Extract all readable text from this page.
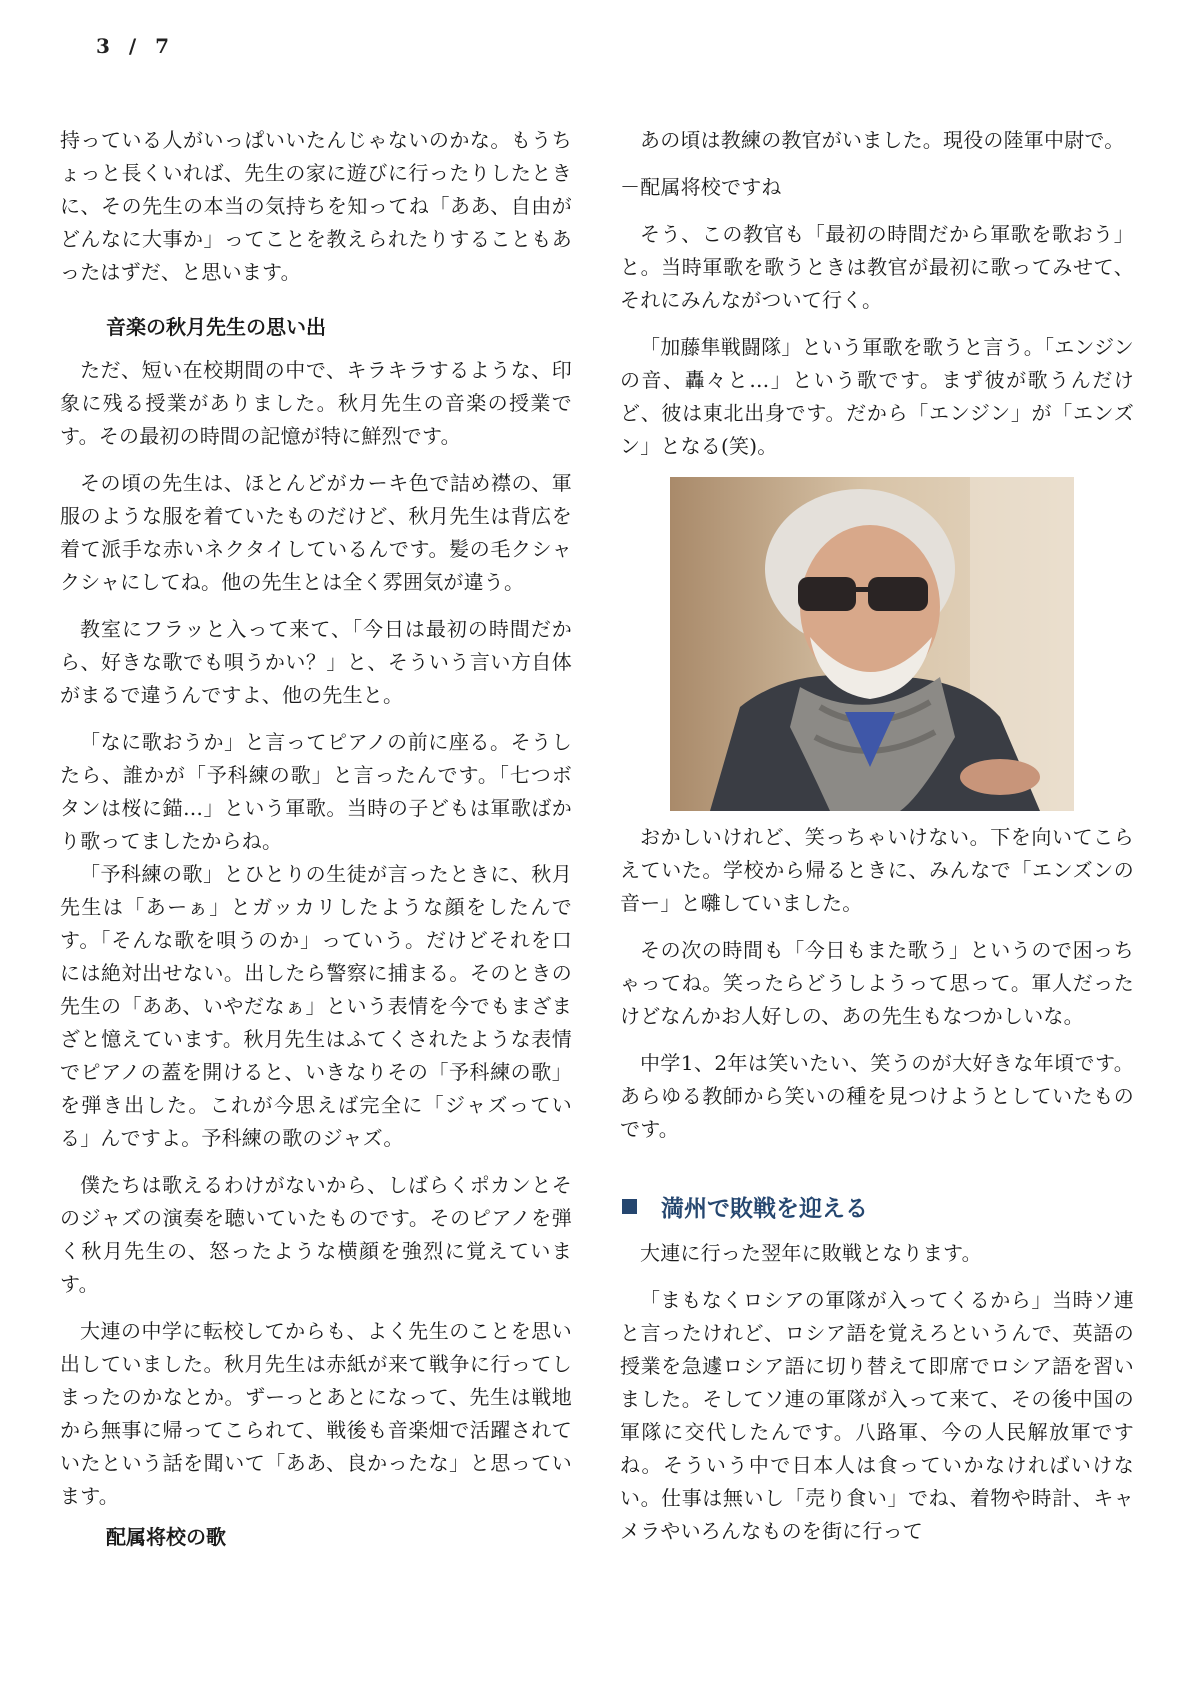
3 / 7

持っている人がいっぱいいたんじゃないのかな。もうちょっと長くいれば、先生の家に遊びに行ったりしたときに、その先生の本当の気持ちを知ってね「ああ、自由がどんなに大事か」ってことを教えられたりすることもあったはずだ、と思います。

音楽の秋月先生の思い出

ただ、短い在校期間の中で、キラキラするような、印象に残る授業がありました。秋月先生の音楽の授業です。その最初の時間の記憶が特に鮮烈です。

その頃の先生は、ほとんどがカーキ色で詰め襟の、軍服のような服を着ていたものだけど、秋月先生は背広を着て派手な赤いネクタイしているんです。髪の毛クシャクシャにしてね。他の先生とは全く雰囲気が違う。

教室にフラッと入って来て、「今日は最初の時間だから、好きな歌でも唄うかい？」と、そういう言い方自体がまるで違うんですよ、他の先生と。

「なに歌おうか」と言ってピアノの前に座る。そうしたら、誰かが「予科練の歌」と言ったんです。「七つボタンは桜に錨…」という軍歌。当時の子どもは軍歌ばかり歌ってましたからね。

「予科練の歌」とひとりの生徒が言ったときに、秋月先生は「あーぁ」とガッカリしたような顔をしたんです。「そんな歌を唄うのか」っていう。だけどそれを口には絶対出せない。出したら警察に捕まる。そのときの先生の「ああ、いやだなぁ」という表情を今でもまざまざと憶えています。秋月先生はふてくされたような表情でピアノの蓋を開けると、いきなりその「予科練の歌」を弾き出した。これが今思えば完全に「ジャズっている」んですよ。予科練の歌のジャズ。

僕たちは歌えるわけがないから、しばらくポカンとそのジャズの演奏を聴いていたものです。そのピアノを弾く秋月先生の、怒ったような横顔を強烈に覚えています。

大連の中学に転校してからも、よく先生のことを思い出していました。秋月先生は赤紙が来て戦争に行ってしまったのかなとか。ずーっとあとになって、先生は戦地から無事に帰ってこられて、戦後も音楽畑で活躍されていたという話を聞いて「ああ、良かったな」と思っています。

配属将校の歌

あの頃は教練の教官がいました。現役の陸軍中尉で。

－配属将校ですね

そう、この教官も「最初の時間だから軍歌を歌おう」と。当時軍歌を歌うときは教官が最初に歌ってみせて、それにみんながついて行く。

「加藤隼戦闘隊」という軍歌を歌うと言う。「エンジンの音、轟々と…」という歌です。まず彼が歌うんだけど、彼は東北出身です。だから「エンジン」が「エンズン」となる(笑)。

おかしいけれど、笑っちゃいけない。下を向いてこらえていた。学校から帰るときに、みんなで「エンズンの音ー」と囃していました。

その次の時間も「今日もまた歌う」というので困っちゃってね。笑ったらどうしようって思って。軍人だったけどなんかお人好しの、あの先生もなつかしいな。

中学1、2年は笑いたい、笑うのが大好きな年頃です。あらゆる教師から笑いの種を見つけようとしていたものです。

満州で敗戦を迎える

大連に行った翌年に敗戦となります。

「まもなくロシアの軍隊が入ってくるから」当時ソ連と言ったけれど、ロシア語を覚えろというんで、英語の授業を急遽ロシア語に切り替えて即席でロシア語を習いました。そしてソ連の軍隊が入って来て、その後中国の軍隊に交代したんです。八路軍、今の人民解放軍ですね。そういう中で日本人は食っていかなければいけない。仕事は無いし「売り食い」でね、着物や時計、キャメラやいろんなものを街に行って
